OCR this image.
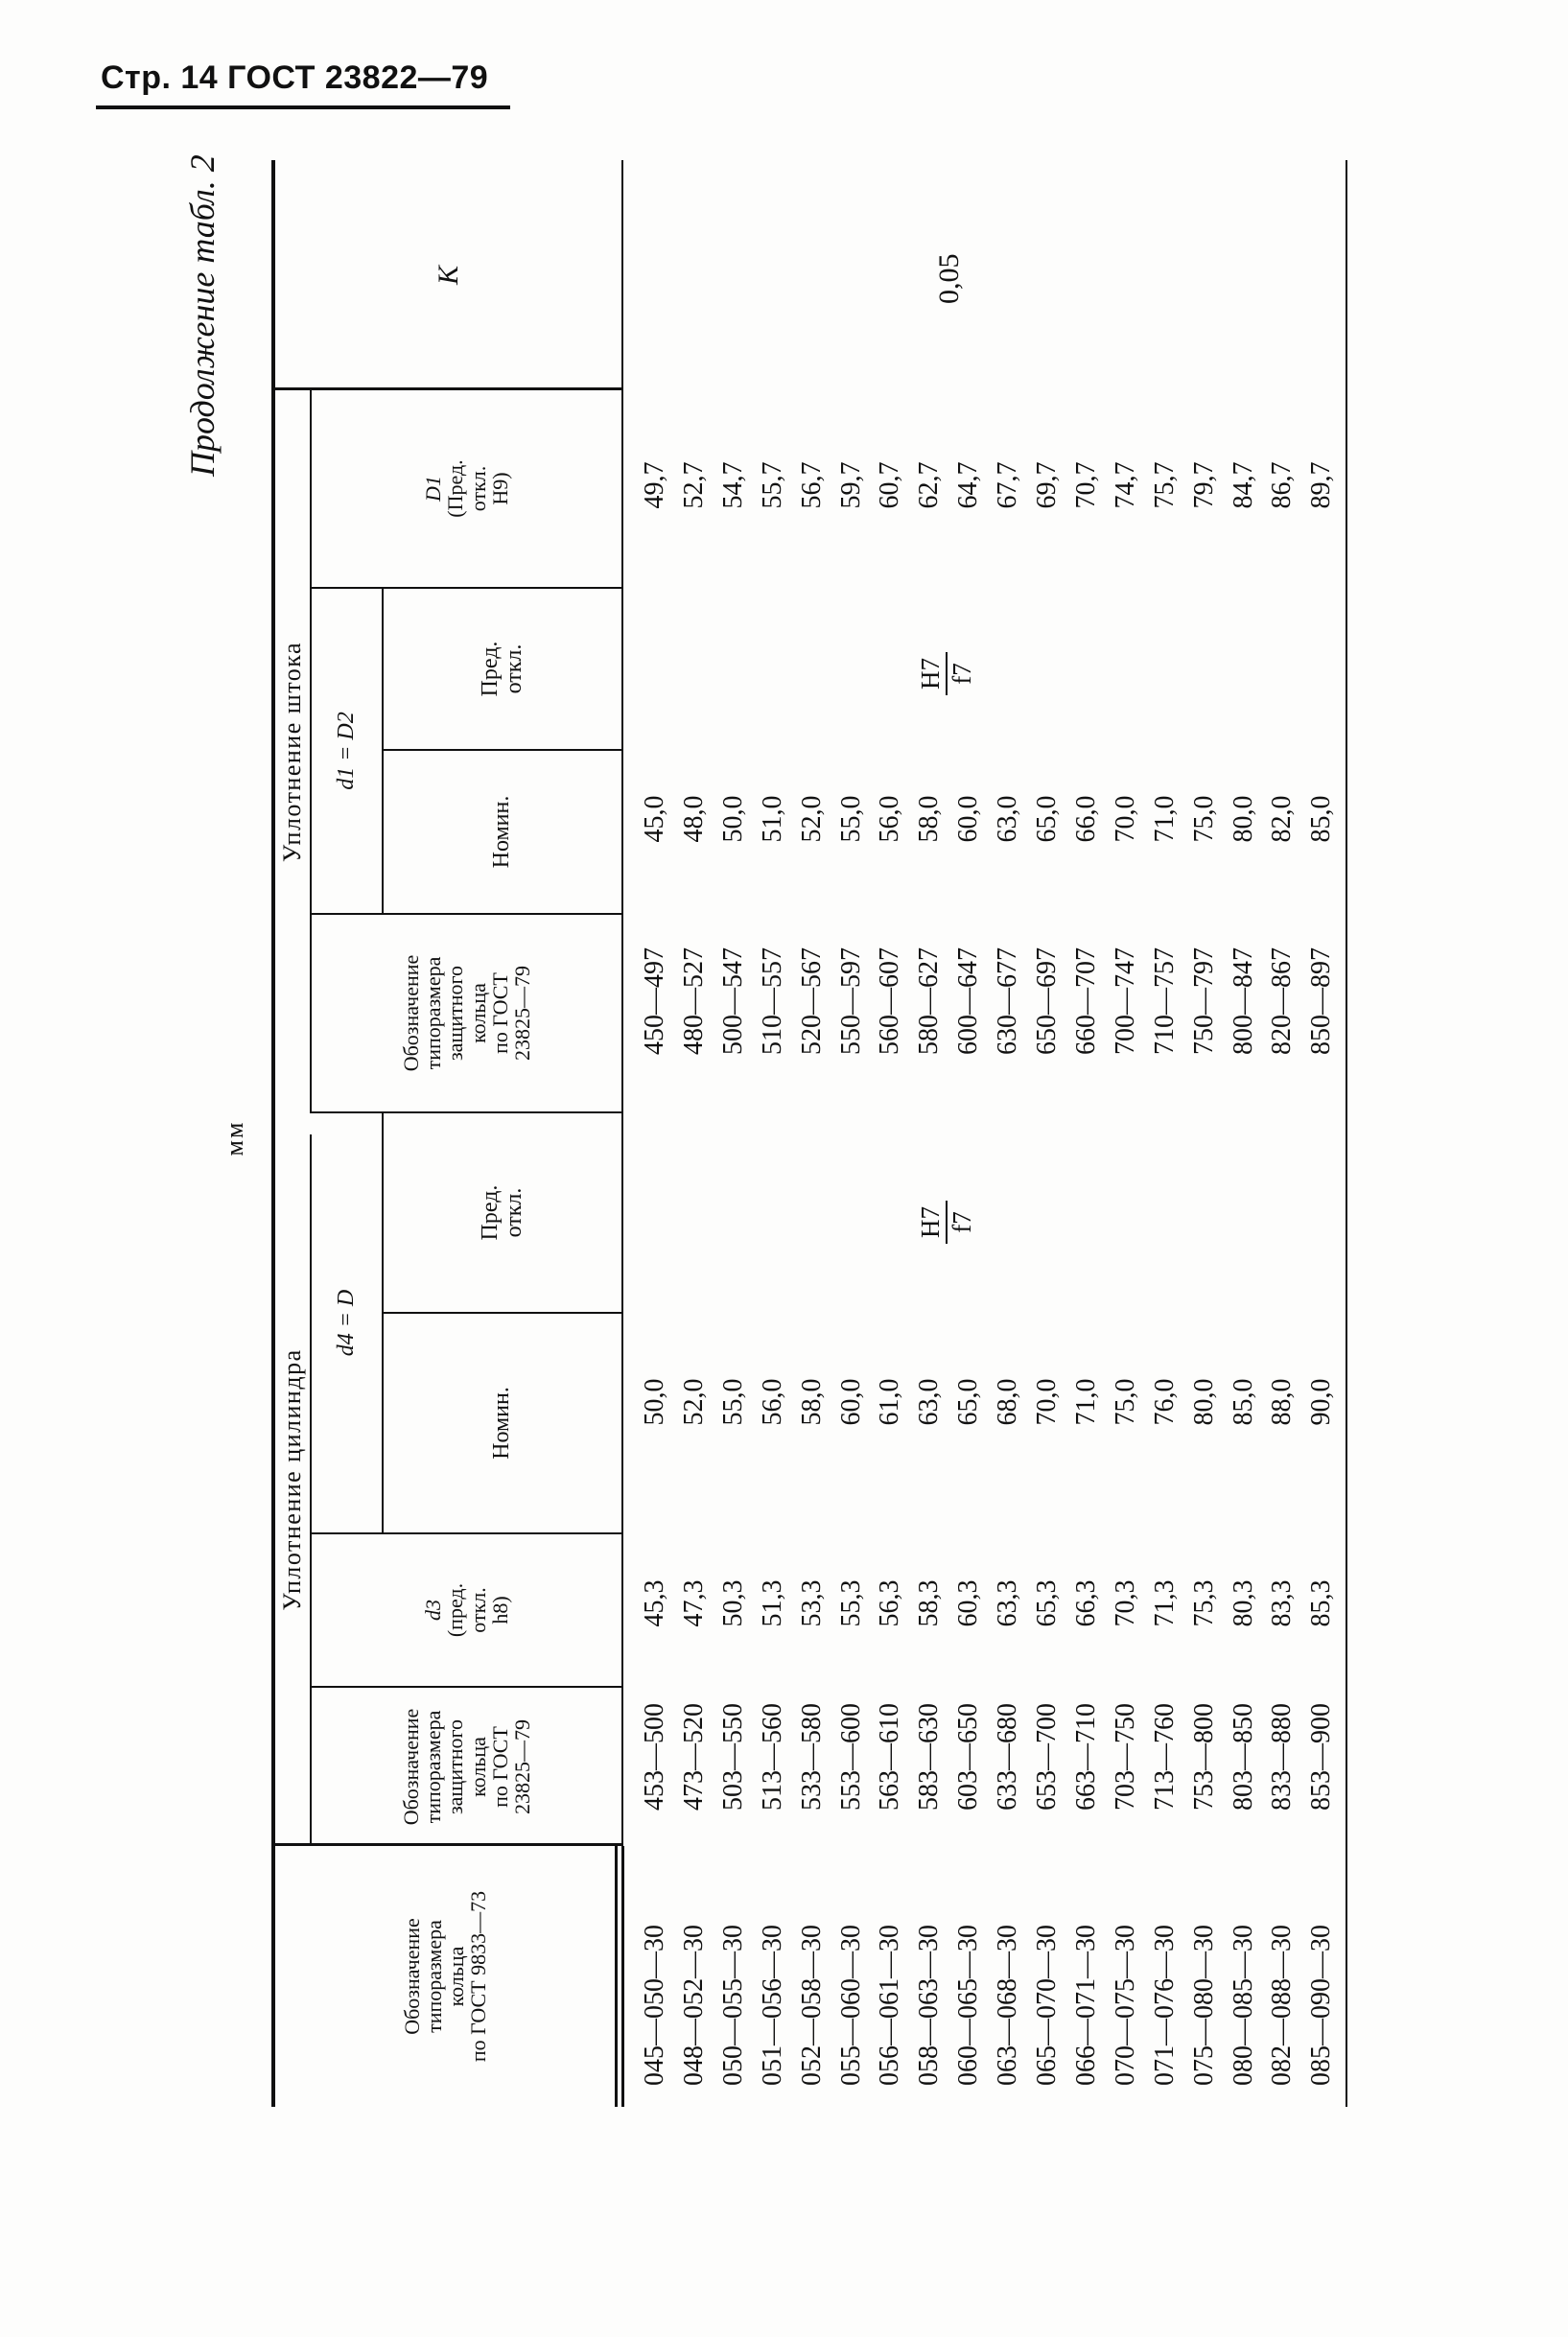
Стр. 14 ГОСТ 23822—79
Продолжение табл. 2
мм
Обозначение
типоразмера
кольца
по ГОСТ 9833—73
Уплотнение цилиндра
Уплотнение штока
K
Обозначение
типоразмера
защитного
кольца
по ГОСТ
23825—79
d3
(пред.
откл.
h8)
d4 = D
Номин.
Пред. откл.
Обозначение
типоразмера
защитного
кольца
по ГОСТ
23825—79
d1 = D2
Номин.
Пред. откл.
D1
(Пред.
откл.
H9)
H7 f7
H7 f7
0,05
045—050—30
453—500
45,3
50,0
450—497
45,0
49,7
048—052—30
473—520
47,3
52,0
480—527
48,0
52,7
050—055—30
503—550
50,3
55,0
500—547
50,0
54,7
051—056—30
513—560
51,3
56,0
510—557
51,0
55,7
052—058—30
533—580
53,3
58,0
520—567
52,0
56,7
055—060—30
553—600
55,3
60,0
550—597
55,0
59,7
056—061—30
563—610
56,3
61,0
560—607
56,0
60,7
058—063—30
583—630
58,3
63,0
580—627
58,0
62,7
060—065—30
603—650
60,3
65,0
600—647
60,0
64,7
063—068—30
633—680
63,3
68,0
630—677
63,0
67,7
065—070—30
653—700
65,3
70,0
650—697
65,0
69,7
066—071—30
663—710
66,3
71,0
660—707
66,0
70,7
070—075—30
703—750
70,3
75,0
700—747
70,0
74,7
071—076—30
713—760
71,3
76,0
710—757
71,0
75,7
075—080—30
753—800
75,3
80,0
750—797
75,0
79,7
080—085—30
803—850
80,3
85,0
800—847
80,0
84,7
082—088—30
833—880
83,3
88,0
820—867
82,0
86,7
085—090—30
853—900
85,3
90,0
850—897
85,0
89,7
